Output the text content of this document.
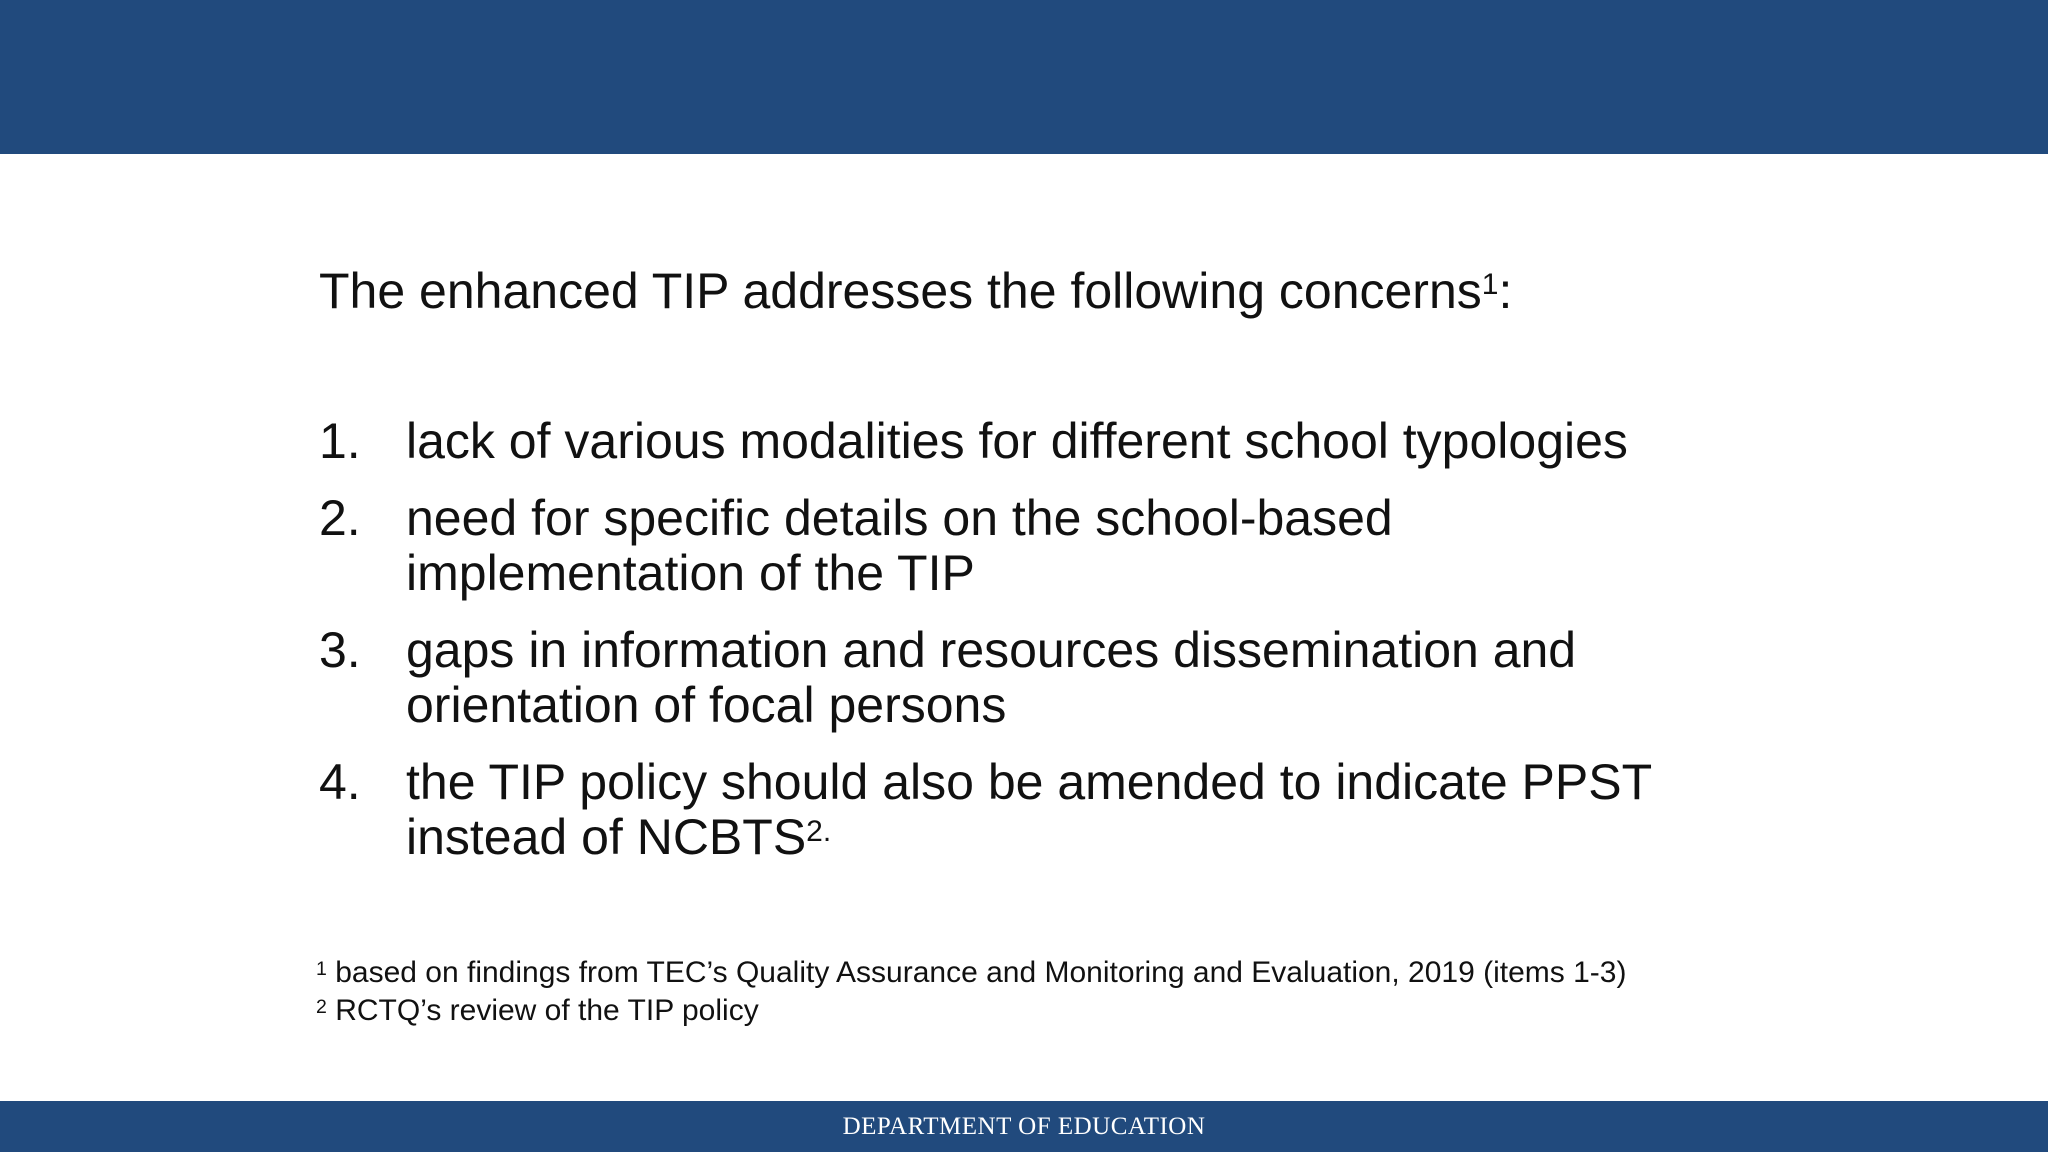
The enhanced TIP addresses the following concerns$^1$:
1. lack of various modalities for different school typologies
2. need for specific details on the school-based implementation of the TIP
3. gaps in information and resources dissemination and orientation of focal persons
4. the TIP policy should also be amended to indicate PPST instead of $NCBTS^{2.}$

$^1$ based on findings from TEC’s Quality Assurance and Monitoring and Evaluation, 2019 (items 1-3)

$^2$ RCTQ’s review of the TIP policy

DEPARTMENT OF EDUCATION
